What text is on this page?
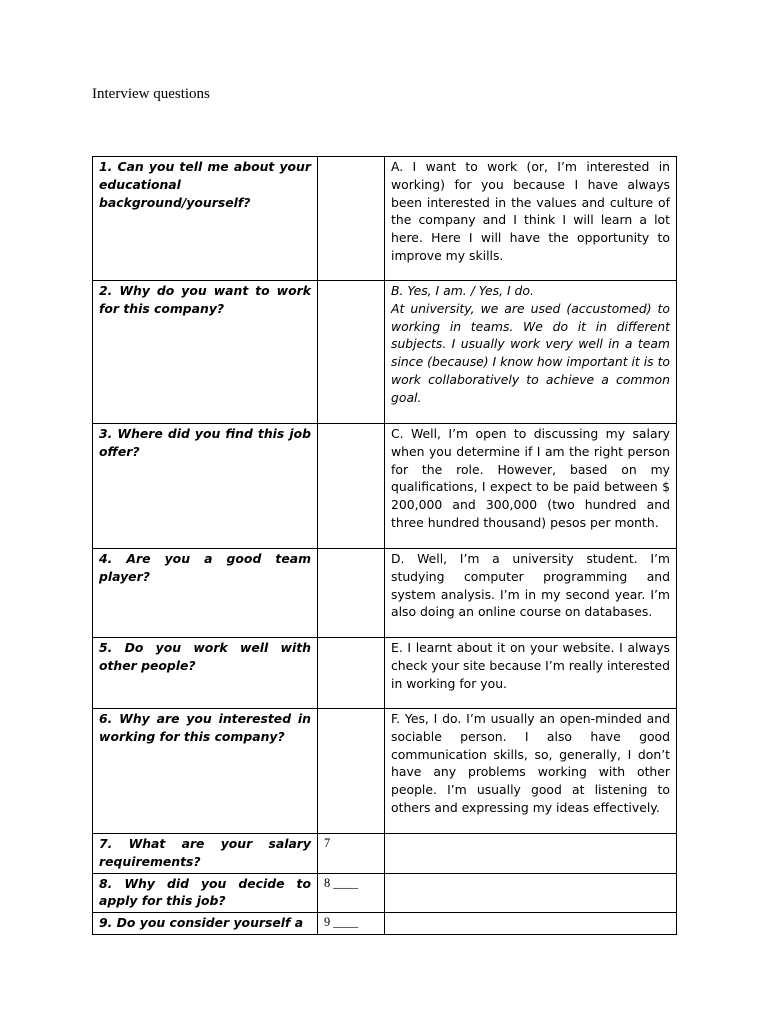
Interview questions
1. Can you tell me about your educational background/yourself?		A. I want to work (or, I’m interested in working) for you because I have always been interested in the values and culture of the company and I think I will learn a lot here. Here I will have the opportunity to improve my skills.
2. Why do you want to work for this company?		B. Yes, I am. / Yes, I do.
At university, we are used (accustomed) to working in teams. We do it in different subjects. I usually work very well in a team since (because) I know how important it is to work collaboratively to achieve a common goal.

3. Where did you find this job offer?		C. Well, I’m open to discussing my salary when you determine if I am the right person for the role. However, based on my qualifications, I expect to be paid between $ 200,000 and 300,000 (two hundred and three hundred thousand) pesos per month.
4. Are you a good team player?		D. Well, I’m a university student. I’m studying computer programming and system analysis. I’m in my second year. I’m also doing an online course on databases.
5. Do you work well with other people?		E. I learnt about it on your website. I always check your site because I’m really interested in working for you.
6. Why are you interested in working for this company?		F. Yes, I do. I’m usually an open-minded and sociable person. I also have good communication skills, so, generally, I don’t have any problems working with other people. I’m usually good at listening to others and expressing my ideas effectively.
7. What are your salary requirements?	7	
8. Why did you decide to apply for this job?	8 ____	
9. Do you consider yourself a	9 ____	
